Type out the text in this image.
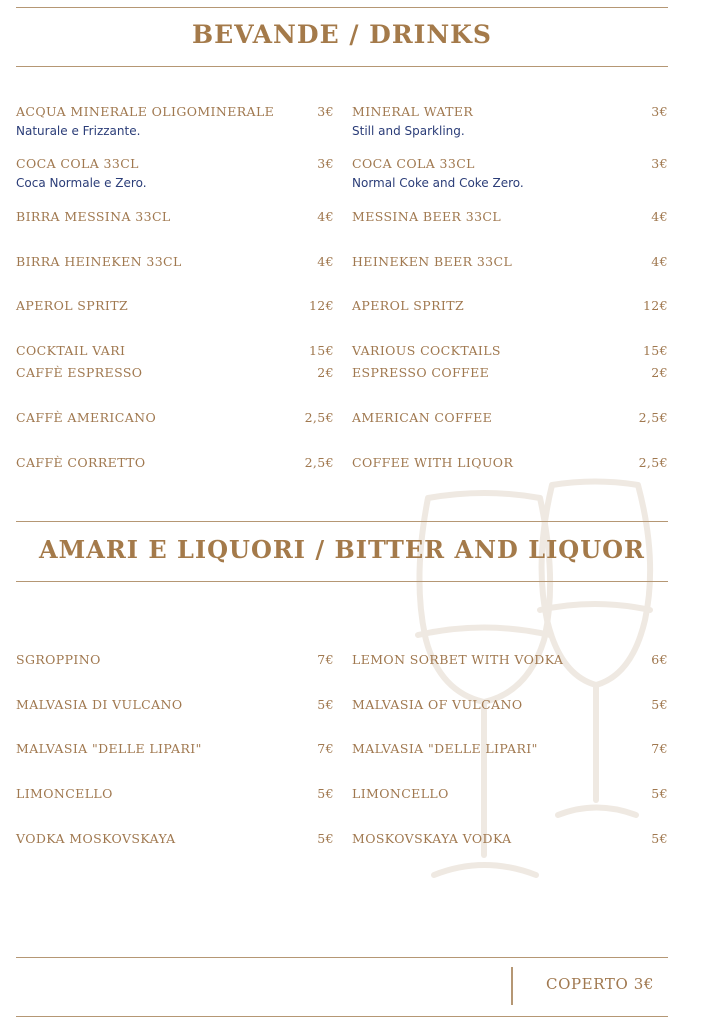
BEVANDE / DRINKS
ACQUA MINERALE OLIGOMINERALE	3€
Naturale e Frizzante.
MINERAL WATER	3€
Still and Sparkling.
COCA COLA 33CL	3€
Coca Normale e Zero.
COCA COLA 33CL	3€
Normal Coke and Coke Zero.
BIRRA MESSINA 33CL	4€ MESSINA BEER 33CL	4€
BIRRA HEINEKEN 33CL	4€ HEINEKEN BEER 33CL	4€
APEROL SPRITZ	12€ APEROL SPRITZ	12€
COCKTAIL VARI	15€ VARIOUS COCKTAILS	15€
CAFFÈ ESPRESSO	2€ ESPRESSO COFFEE	2€
CAFFÈ AMERICANO	2,5€ AMERICAN COFFEE	2,5€
CAFFÈ CORRETTO	2,5€ COFFEE WITH LIQUOR	2,5€
AMARI E LIQUORI / BITTER AND LIQUOR
SGROPPINO	7€ LEMON SORBET WITH VODKA	6€
MALVASIA DI VULCANO	5€ MALVASIA OF VULCANO	5€
MALVASIA "DELLE LIPARI"	7€ MALVASIA "DELLE LIPARI"	7€
LIMONCELLO	5€ LIMONCELLO	5€
VODKA MOSKOVSKAYA	5€ MOSKOVSKAYA VODKA	5€
COPERTO 3€
